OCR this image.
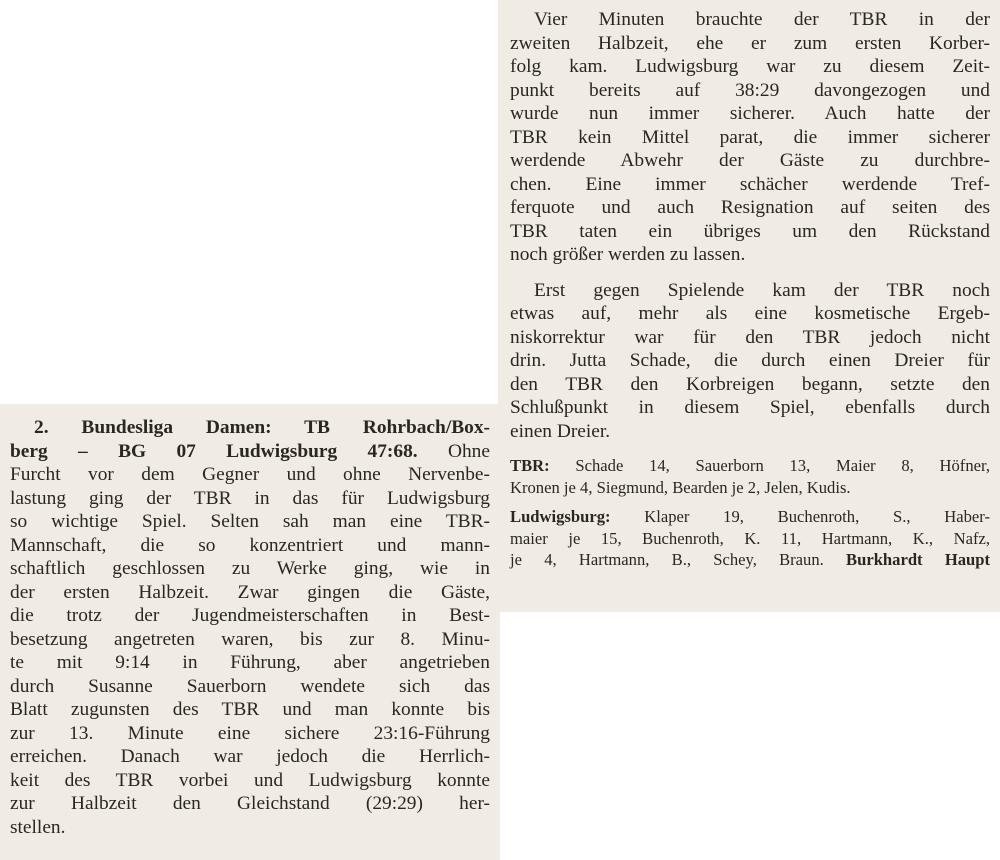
Vier Minuten brauchte der TBR in der
zweiten Halbzeit, ehe er zum ersten Korber-
folg kam. Ludwigsburg war zu diesem Zeit-
punkt bereits auf 38:29 davongezogen und
wurde nun immer sicherer. Auch hatte der
TBR kein Mittel parat, die immer sicherer
werdende Abwehr der Gäste zu durchbre-
chen. Eine immer schächer werdende Tref-
ferquote und auch Resignation auf seiten des
TBR taten ein übriges um den Rückstand
noch größer werden zu lassen.
Erst gegen Spielende kam der TBR noch
etwas auf, mehr als eine kosmetische Ergeb-
niskorrektur war für den TBR jedoch nicht
drin. Jutta Schade, die durch einen Dreier für
den TBR den Korbreigen begann, setzte den
Schlußpunkt in diesem Spiel, ebenfalls durch
einen Dreier.
TBR: Schade 14, Sauerborn 13, Maier 8, Höfner,
Kronen je 4, Siegmund, Bearden je 2, Jelen, Kudis.
Ludwigsburg: Klaper 19, Buchenroth, S., Haber-
maier je 15, Buchenroth, K. 11, Hartmann, K., Nafz,
je 4, Hartmann, B., Schey, Braun. Burkhardt Haupt
2. Bundesliga Damen: TB Rohrbach/Box-
berg – BG 07 Ludwigsburg 47:68. Ohne
Furcht vor dem Gegner und ohne Nervenbe-
lastung ging der TBR in das für Ludwigsburg
so wichtige Spiel. Selten sah man eine TBR-
Mannschaft, die so konzentriert und mann-
schaftlich geschlossen zu Werke ging, wie in
der ersten Halbzeit. Zwar gingen die Gäste,
die trotz der Jugendmeisterschaften in Best-
besetzung angetreten waren, bis zur 8. Minu-
te mit 9:14 in Führung, aber angetrieben
durch Susanne Sauerborn wendete sich das
Blatt zugunsten des TBR und man konnte bis
zur 13. Minute eine sichere 23:16-Führung
erreichen. Danach war jedoch die Herrlich-
keit des TBR vorbei und Ludwigsburg konnte
zur Halbzeit den Gleichstand (29:29) her-
stellen.
